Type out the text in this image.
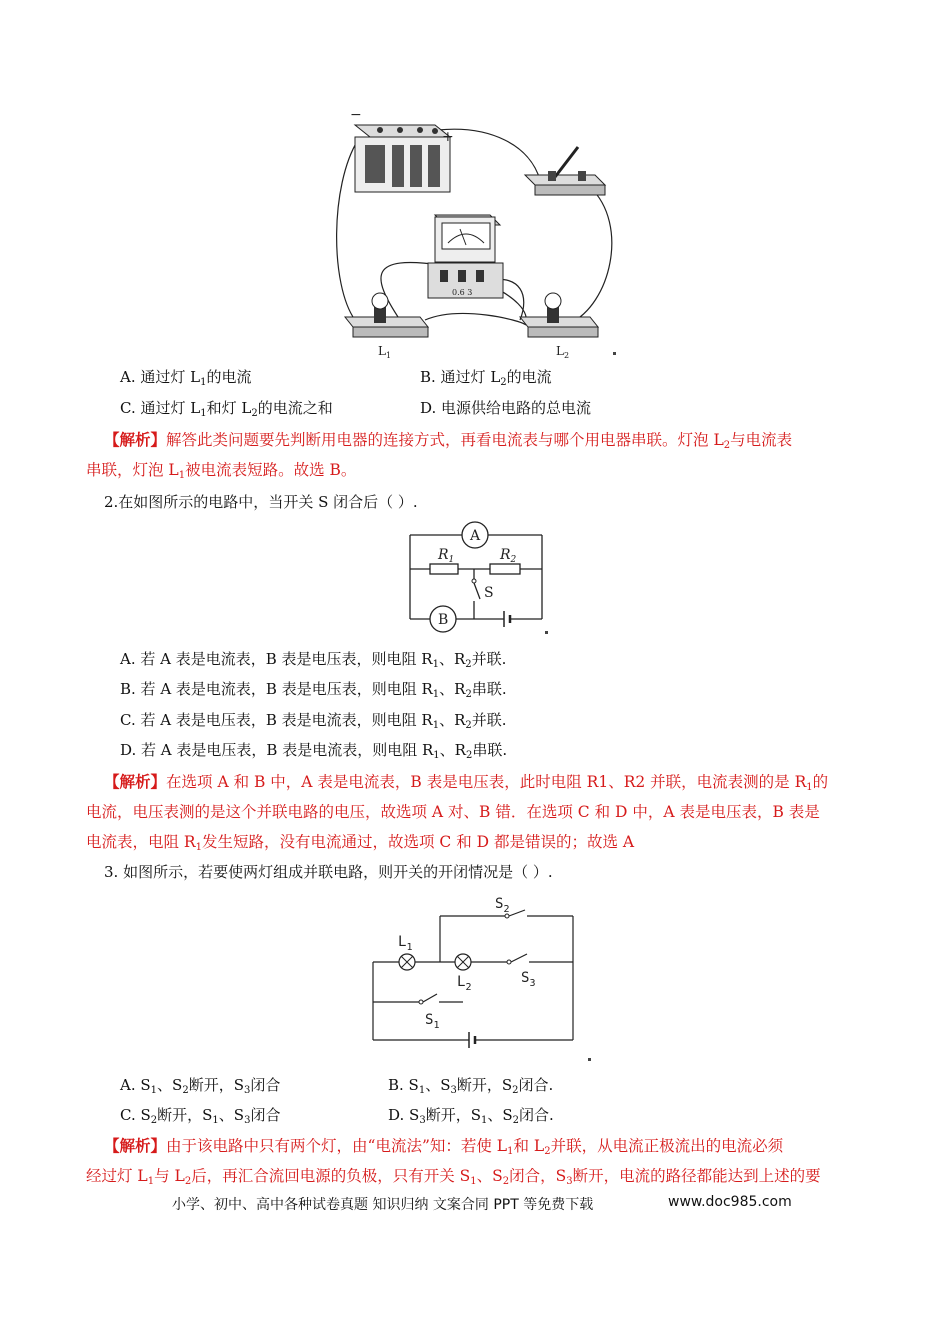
−
+
0.6 3
$L_1$	$L_2$
A. 通过灯 $L_1$的电流	B. 通过灯 $L_2$的电流
C. 通过灯 $L_1$和灯 $L_2$的电流之和	D. 电源供给电路的总电流
【解析】解答此类问题要先判断用电器的连接方式，再看电流表与哪个用电器串联。灯泡 $L_2$与电流表
串联，灯泡 $L_1$被电流表短路。故选 B。
2.在如图所示的电路中，当开关 S 闭合后（ ）.
A
$R_1$	$R_2$
S
B
A. 若 A 表是电流表，B 表是电压表，则电阻 $R_1$、$R_2$并联.
B. 若 A 表是电流表，B 表是电压表，则电阻 $R_1$、$R_2$串联.
C. 若 A 表是电压表，B 表是电流表，则电阻 $R_1$、$R_2$并联.
D. 若 A 表是电压表，B 表是电流表，则电阻 $R_1$、$R_2$串联.
【解析】在选项 A 和 B 中，A 表是电流表，B 表是电压表，此时电阻 R1、R2 并联，电流表测的是 $R_1$的
电流，电压表测的是这个并联电路的电压，故选项 A 对、B 错．在选项 C 和 D 中，A 表是电压表，B 表是
电流表，电阻 $R_1$发生短路，没有电流通过，故选项 C 和 D 都是错误的；故选 A
3. 如图所示，若要使两灯组成并联电路，则开关的开闭情况是（ ）.
$L_1$
$L_2$
$S_2$
$S_3$
$S_1$
A. $S_1$、$S_2$断开，$S_3$闭合	B. $S_1$、$S_3$断开，$S_2$闭合.
C. $S_2$断开，$S_1$、$S_3$闭合	D. $S_3$断开，$S_1$、$S_2$闭合.
【解析】由于该电路中只有两个灯，由“电流法”知：若使 $L_1$和 $L_2$并联，从电流正极流出的电流必须
经过灯 $L_1$与 $L_2$后，再汇合流回电源的负极，只有开关 $S_1$、$S_2$闭合，$S_3$断开，电流的路径都能达到上述的要
小学、初中、高中各种试卷真题 知识归纳 文案合同 PPT 等免费下载	www.doc985.com
